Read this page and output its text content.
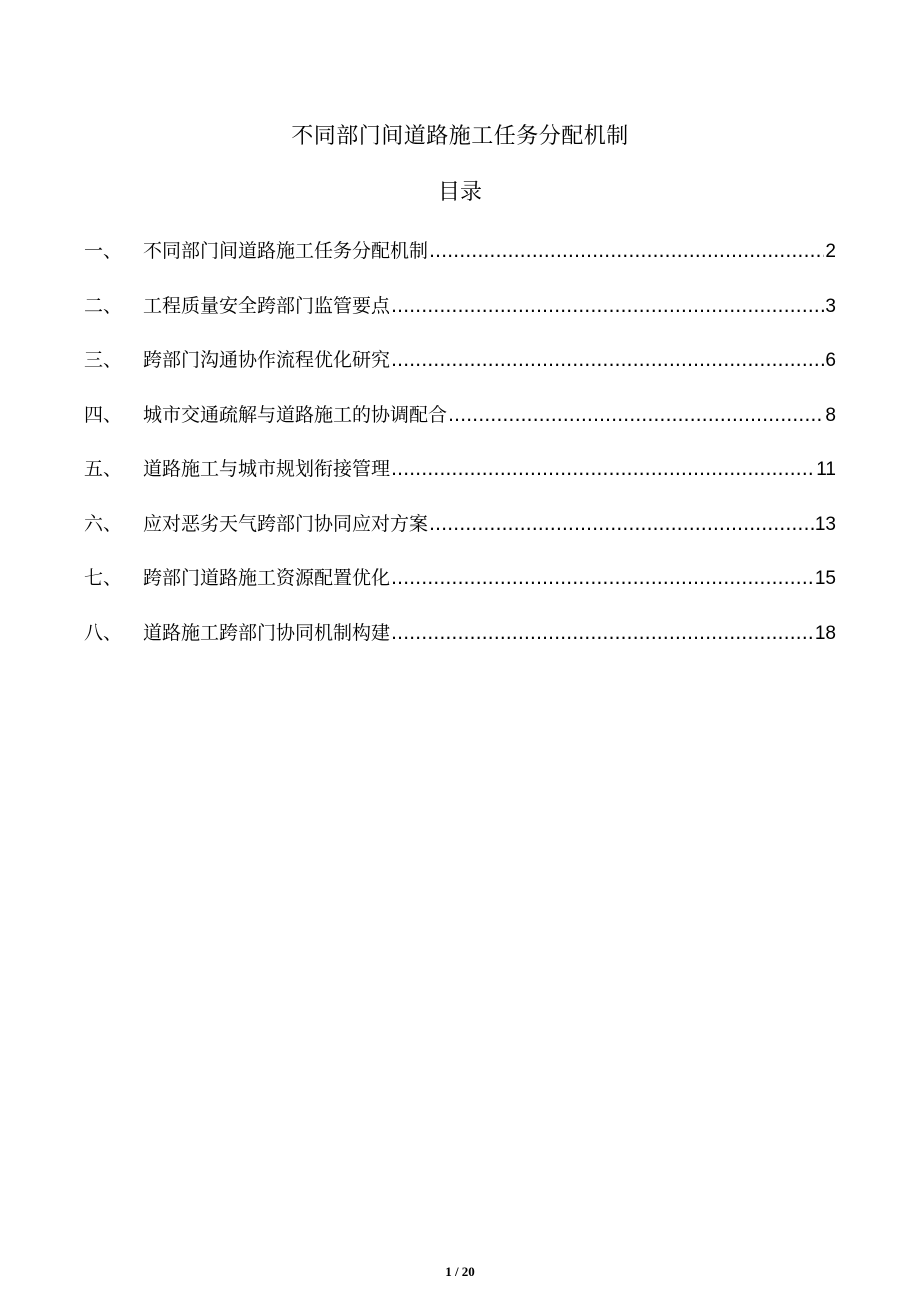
不同部门间道路施工任务分配机制
目录
一、	不同部门间道路施工任务分配机制 .....	2
二、	工程质量安全跨部门监管要点 .....	3
三、	跨部门沟通协作流程优化研究 .....	6
四、	城市交通疏解与道路施工的协调配合 .....	8
五、	道路施工与城市规划衔接管理 .....	11
六、	应对恶劣天气跨部门协同应对方案 .....	13
七、	跨部门道路施工资源配置优化 .....	15
八、	道路施工跨部门协同机制构建 .....	18
1 / 20
